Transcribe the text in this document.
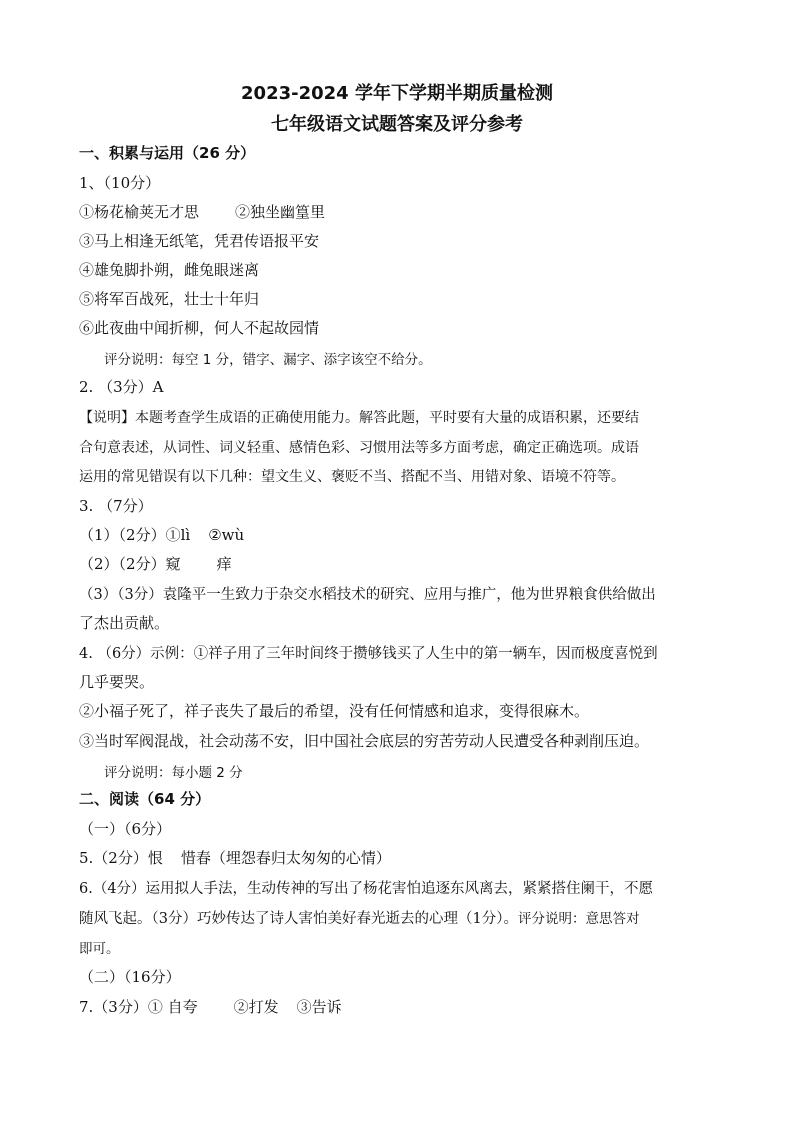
2023-2024 学年下学期半期质量检测
七年级语文试题答案及评分参考
一、积累与运用（26 分）
1、（10分）
①杨花榆荚无才思 ②独坐幽篁里
③马上相逢无纸笔，凭君传语报平安
④雄兔脚扑朔，雌兔眼迷离
⑤将军百战死，壮士十年归
⑥此夜曲中闻折柳，何人不起故园情
评分说明：每空 1 分，错字、漏字、添字该空不给分。
2. （3分）A
【说明】本题考查学生成语的正确使用能力。解答此题，平时要有大量的成语积累，还要结
合句意表述，从词性、词义轻重、感情色彩、习惯用法等多方面考虑，确定正确选项。成语
运用的常见错误有以下几种：望文生义、褒贬不当、搭配不当、用错对象、语境不符等。
3. （7分）
（1）（2分）①lì ②wù
（2）（2分）窥 痒
（3）（3分）袁隆平一生致力于杂交水稻技术的研究、应用与推广，他为世界粮食供给做出
了杰出贡献。
4. （6分）示例：①祥子用了三年时间终于攒够钱买了人生中的第一辆车，因而极度喜悦到
几乎要哭。
②小福子死了，祥子丧失了最后的希望，没有任何情感和追求，变得很麻木。
③当时军阀混战，社会动荡不安，旧中国社会底层的穷苦劳动人民遭受各种剥削压迫。
评分说明：每小题 2 分
二、阅读（64 分）
（一）（6分）
5.（2分）恨 惜春（埋怨春归太匆匆的心情）
6.（4分）运用拟人手法，生动传神的写出了杨花害怕追逐东风离去，紧紧搭住阑干，不愿
随风飞起。（3分）巧妙传达了诗人害怕美好春光逝去的心理（1分）。评分说明：意思答对
即可。
（二）（16分）
7.（3分）① 自夸 ②打发 ③告诉
